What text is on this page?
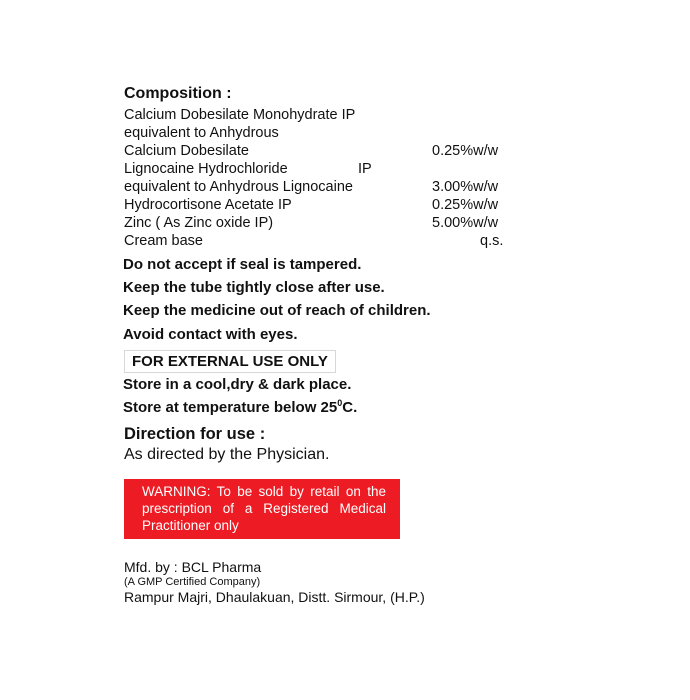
Composition :
Calcium Dobesilate Monohydrate IP
equivalent to Anhydrous
Calcium Dobesilate	0.25%w/w
Lignocaine Hydrochloride	IP
equivalent to Anhydrous Lignocaine	3.00%w/w
Hydrocortisone Acetate IP	0.25%w/w
Zinc ( As Zinc oxide IP)	5.00%w/w
Cream base	q.s.
Do not accept if seal is tampered.
Keep the tube tightly close after use.
Keep the medicine out of reach of children.
Avoid contact with eyes.
FOR EXTERNAL USE ONLY
Store in a cool,dry & dark place.
Store at temperature below $25^0C$.
Direction for use :
As directed by the Physician.
WARNING: To be sold by retail on the prescription of a Registered Medical Practitioner only
Mfd. by : BCL Pharma
(A GMP Certified Company)
Rampur Majri, Dhaulakuan, Distt. Sirmour, (H.P.)
